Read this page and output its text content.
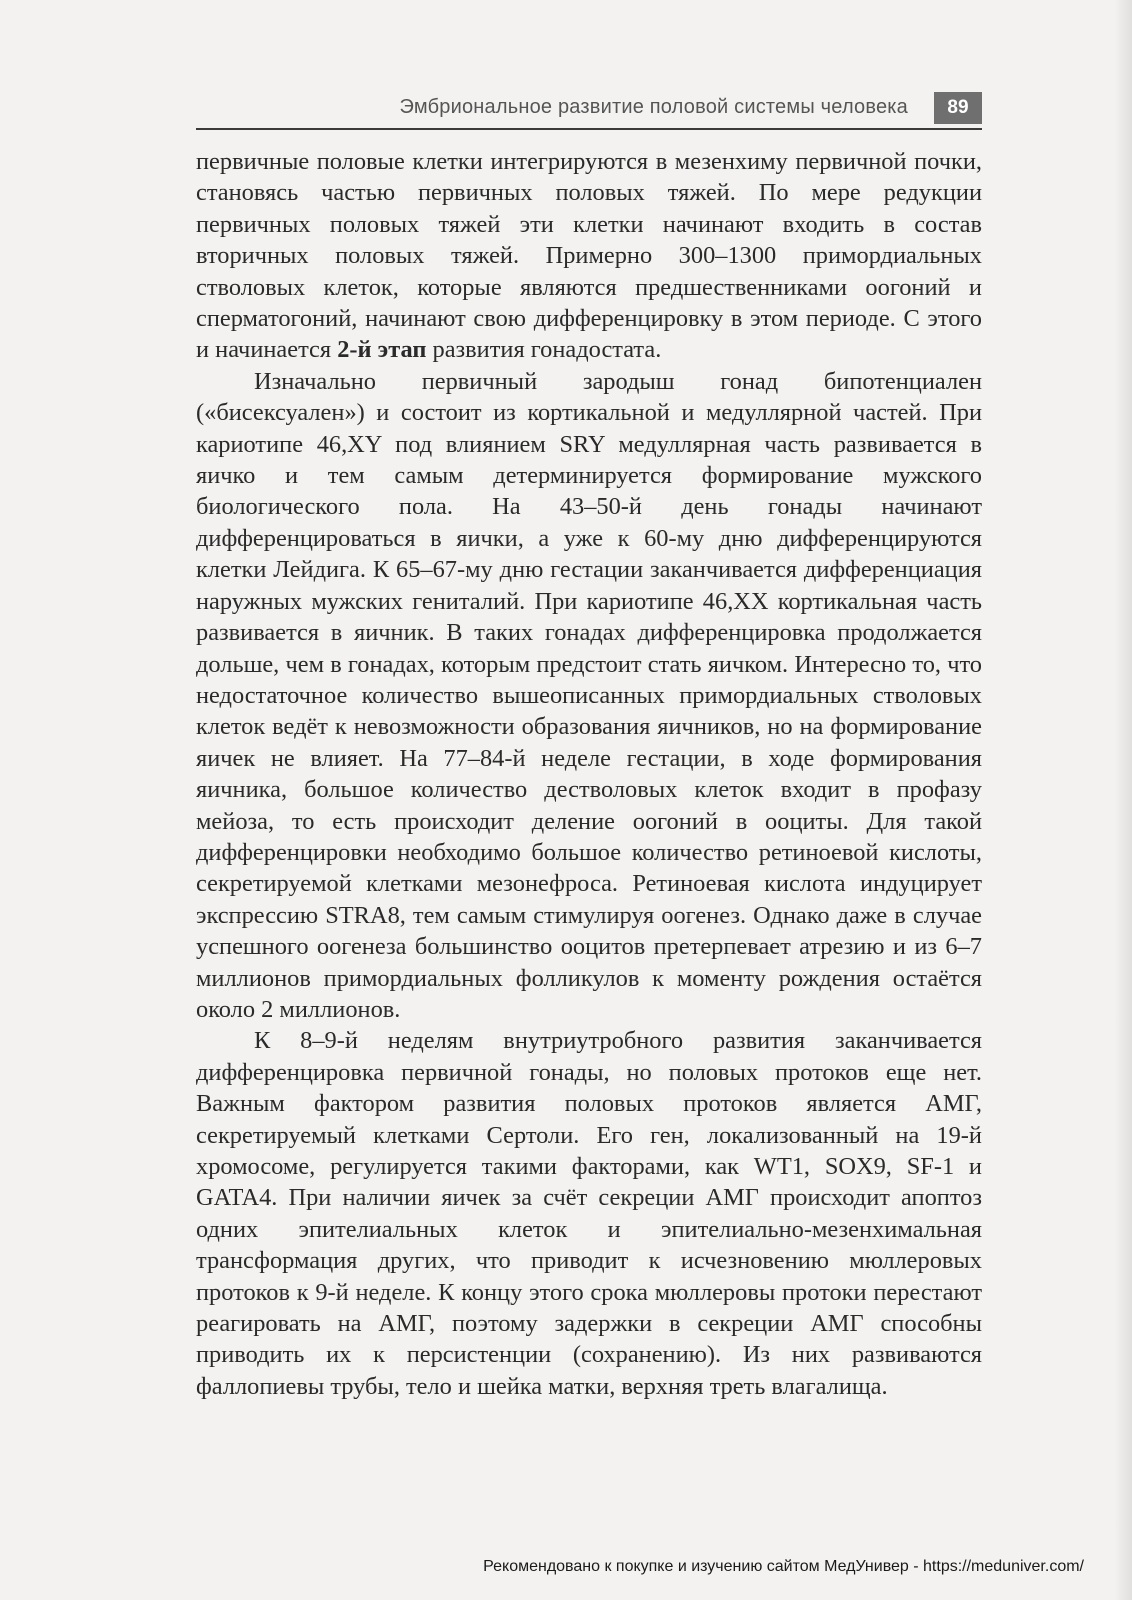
Эмбриональное развитие половой системы человека	89

первичные половые клетки интегрируются в мезенхиму первичной почки, становясь частью первичных половых тяжей. По мере редукции первичных половых тяжей эти клетки начинают входить в состав вторичных половых тяжей. Примерно 300–1300 примордиальных стволовых клеток, которые являются предшественниками оогоний и сперматогоний, начинают свою дифференцировку в этом периоде. С этого и начинается 2-й этап развития гонадостата.

Изначально первичный зародыш гонад бипотенциален («бисексуален») и состоит из кортикальной и медуллярной частей. При кариотипе 46,XY под влиянием SRY медуллярная часть развивается в яичко и тем самым детерминируется формирование мужского биологического пола. На 43–50-й день гонады начинают дифференцироваться в яички, а уже к 60-му дню дифференцируются клетки Лейдига. К 65–67-му дню гестации заканчивается дифференциация наружных мужских гениталий. При кариотипе 46,XX кортикальная часть развивается в яичник. В таких гонадах дифференцировка продолжается дольше, чем в гонадах, которым предстоит стать яичком. Интересно то, что недостаточное количество вышеописанных примордиальных стволовых клеток ведёт к невозможности образования яичников, но на формирование яичек не влияет. На 77–84-й неделе гестации, в ходе формирования яичника, большое количество дестволовых клеток входит в профазу мейоза, то есть происходит деление оогоний в ооциты. Для такой дифференцировки необходимо большое количество ретиноевой кислоты, секретируемой клетками мезонефроса. Ретиноевая кислота индуцирует экспрессию STRA8, тем самым стимулируя оогенез. Однако даже в случае успешного оогенеза большинство ооцитов претерпевает атрезию и из 6–7 миллионов примордиальных фолликулов к моменту рождения остаётся около 2 миллионов.

К 8–9-й неделям внутриутробного развития заканчивается дифференцировка первичной гонады, но половых протоков еще нет. Важным фактором развития половых протоков является АМГ, секретируемый клетками Сертоли. Его ген, локализованный на 19-й хромосоме, регулируется такими факторами, как WT1, SOX9, SF-1 и GATA4. При наличии яичек за счёт секреции АМГ происходит апоптоз одних эпителиальных клеток и эпителиально-мезенхимальная трансформация других, что приводит к исчезновению мюллеровых протоков к 9-й неделе. К концу этого срока мюллеровы протоки перестают реагировать на АМГ, поэтому задержки в секреции АМГ способны приводить их к персистенции (сохранению). Из них развиваются фаллопиевы трубы, тело и шейка матки, верхняя треть влагалища.

Рекомендовано к покупке и изучению сайтом МедУнивер - https://meduniver.com/
